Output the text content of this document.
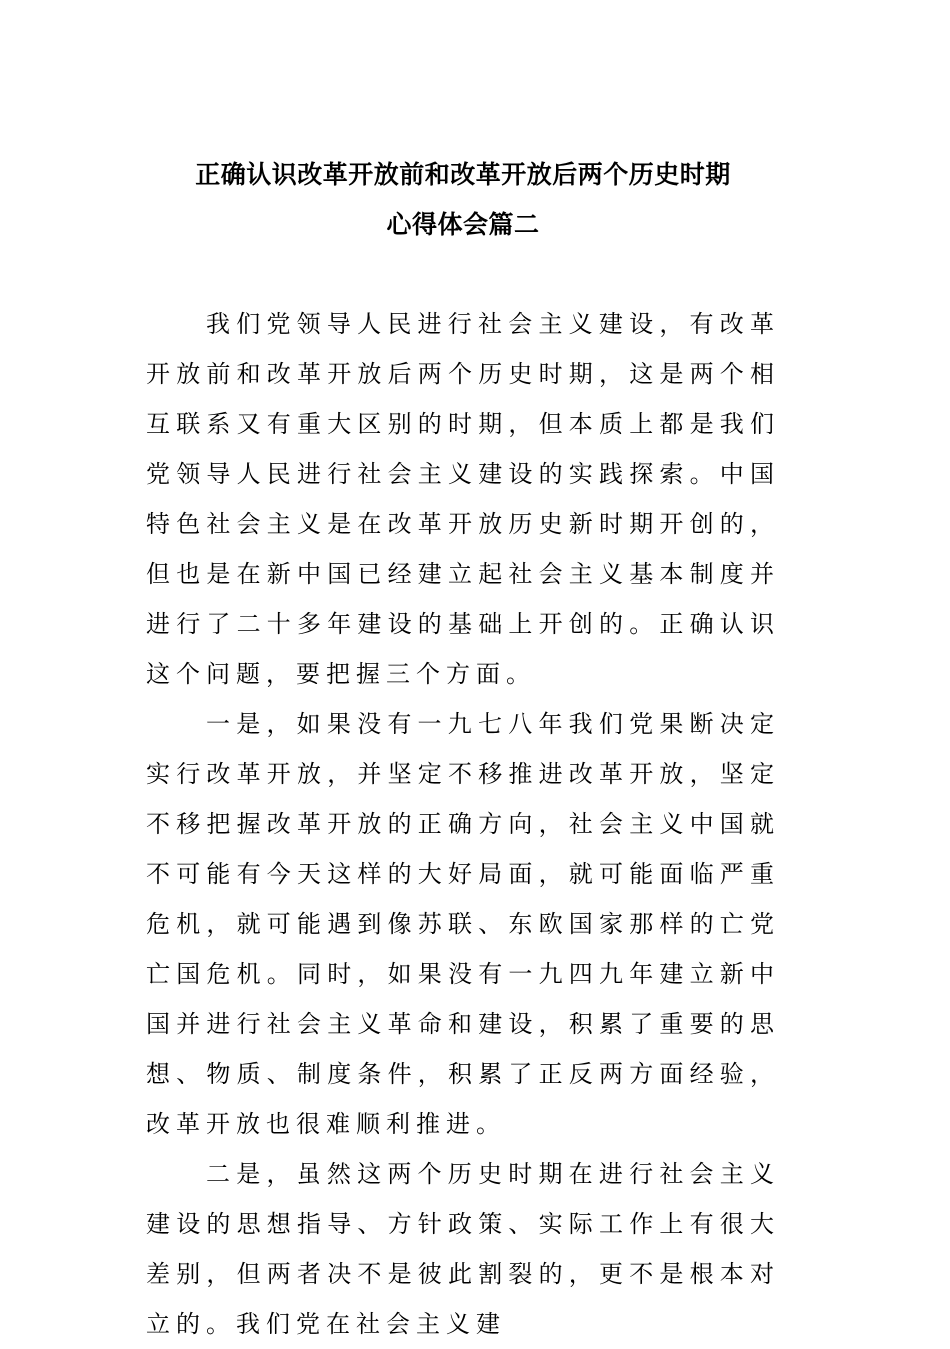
正确认识改革开放前和改革开放后两个历史时期
心得体会篇二

我们党领导人民进行社会主义建设，有改革开放前和改革开放后两个历史时期，这是两个相互联系又有重大区别的时期，但本质上都是我们党领导人民进行社会主义建设的实践探索。中国特色社会主义是在改革开放历史新时期开创的，但也是在新中国已经建立起社会主义基本制度并进行了二十多年建设的基础上开创的。正确认识这个问题，要把握三个方面。

一是，如果没有一九七八年我们党果断决定实行改革开放，并坚定不移推进改革开放，坚定不移把握改革开放的正确方向，社会主义中国就不可能有今天这样的大好局面，就可能面临严重危机，就可能遇到像苏联、东欧国家那样的亡党亡国危机。同时，如果没有一九四九年建立新中国并进行社会主义革命和建设，积累了重要的思想、物质、制度条件，积累了正反两方面经验，改革开放也很难顺利推进。

二是，虽然这两个历史时期在进行社会主义建设的思想指导、方针政策、实际工作上有很大差别，但两者决不是彼此割裂的，更不是根本对立的。我们党在社会主义建
